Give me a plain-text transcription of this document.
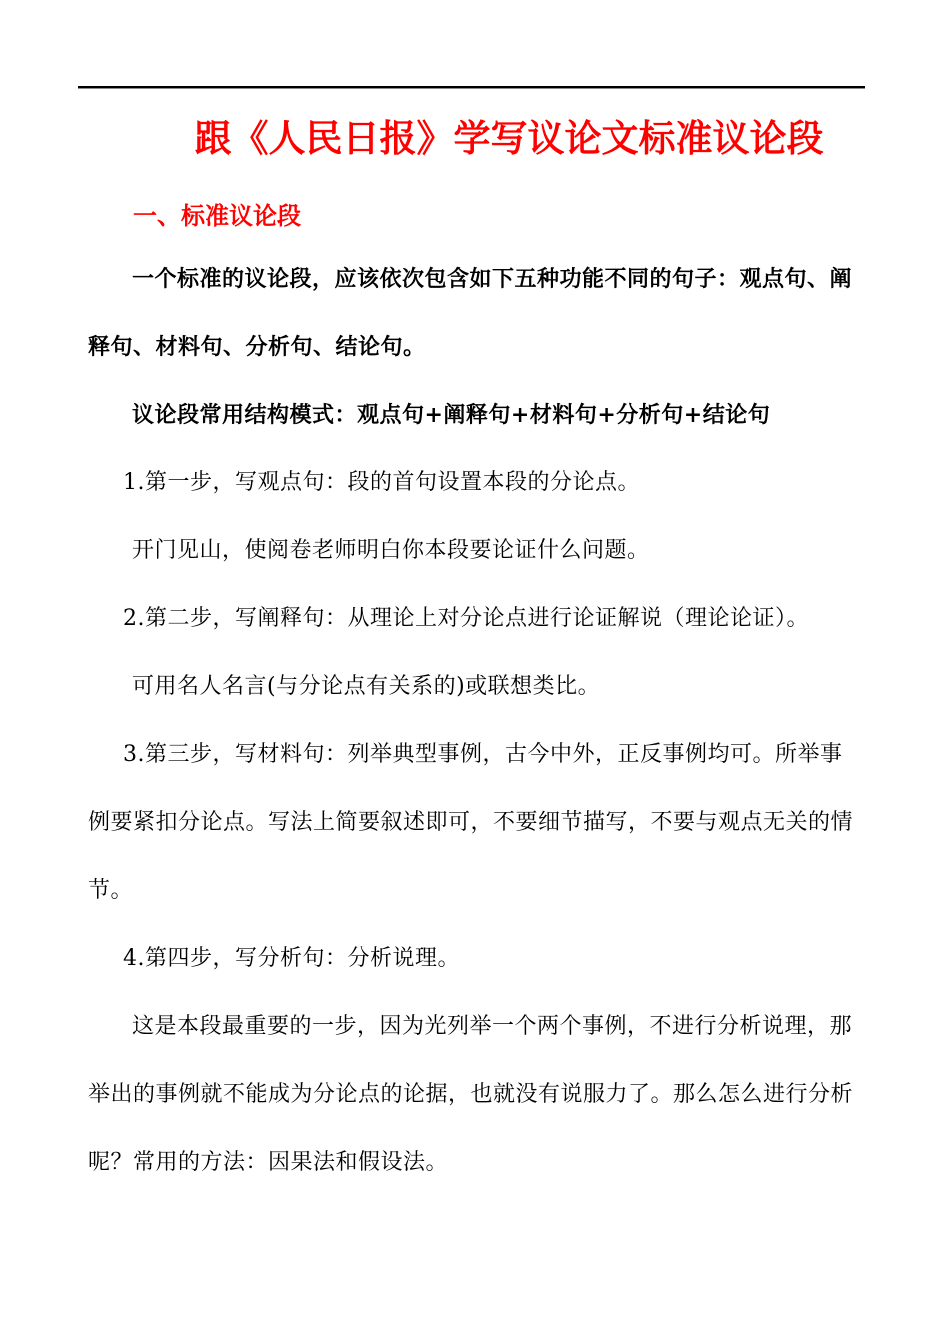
跟《人民日报》学写议论文标准议论段
一、标准议论段
一个标准的议论段，应该依次包含如下五种功能不同的句子：观点句、阐
释句、材料句、分析句、结论句。
议论段常用结构模式：观点句+阐释句+材料句+分析句+结论句
1.第一步，写观点句：段的首句设置本段的分论点。
开门见山，使阅卷老师明白你本段要论证什么问题。
2.第二步，写阐释句：从理论上对分论点进行论证解说（理论论证）。
可用名人名言(与分论点有关系的)或联想类比。
3.第三步，写材料句：列举典型事例，古今中外，正反事例均可。所举事
例要紧扣分论点。写法上简要叙述即可，不要细节描写，不要与观点无关的情
节。
4.第四步，写分析句：分析说理。
这是本段最重要的一步，因为光列举一个两个事例，不进行分析说理，那
举出的事例就不能成为分论点的论据，也就没有说服力了。那么怎么进行分析
呢？常用的方法：因果法和假设法。
